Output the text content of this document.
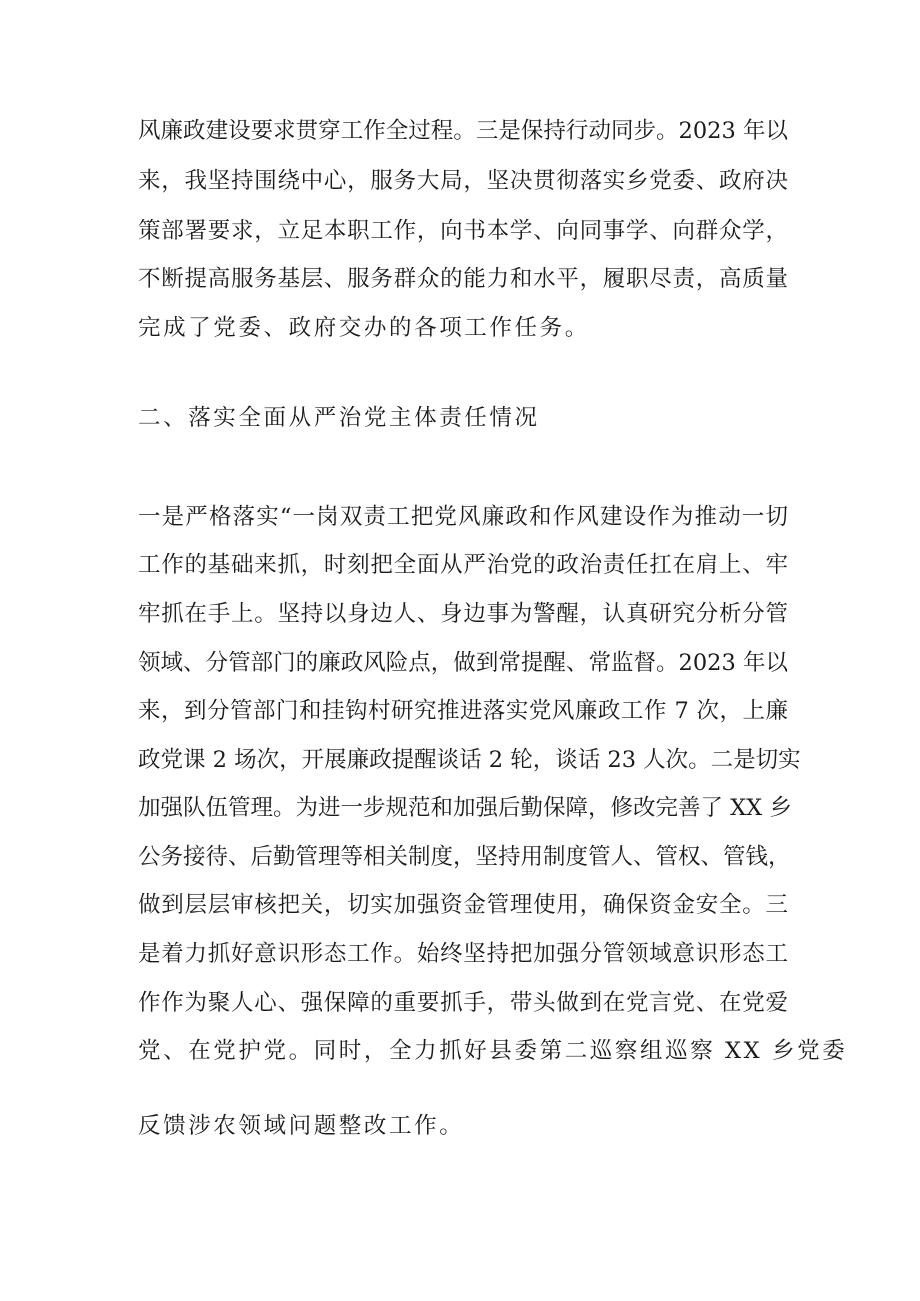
风廉政建设要求贯穿工作全过程。三是保持行动同步。2023 年以
来，我坚持围绕中心，服务大局，坚决贯彻落实乡党委、政府决
策部署要求，立足本职工作，向书本学、向同事学、向群众学，
不断提高服务基层、服务群众的能力和水平，履职尽责，高质量
完成了党委、政府交办的各项工作任务。
二、落实全面从严治党主体责任情况
一是严格落实“一岗双责工把党风廉政和作风建设作为推动一切
工作的基础来抓，时刻把全面从严治党的政治责任扛在肩上、牢
牢抓在手上。坚持以身边人、身边事为警醒，认真研究分析分管
领域、分管部门的廉政风险点，做到常提醒、常监督。2023 年以
来，到分管部门和挂钩村研究推进落实党风廉政工作 7 次，上廉
政党课 2 场次，开展廉政提醒谈话 2 轮，谈话 23 人次。二是切实
加强队伍管理。为进一步规范和加强后勤保障，修改完善了 XX 乡
公务接待、后勤管理等相关制度，坚持用制度管人、管权、管钱，
做到层层审核把关，切实加强资金管理使用，确保资金安全。三
是着力抓好意识形态工作。始终坚持把加强分管领域意识形态工
作作为聚人心、强保障的重要抓手，带头做到在党言党、在党爱
党、在党护党。同时，全力抓好县委第二巡察组巡察 XX 乡党委
反馈涉农领域问题整改工作。
